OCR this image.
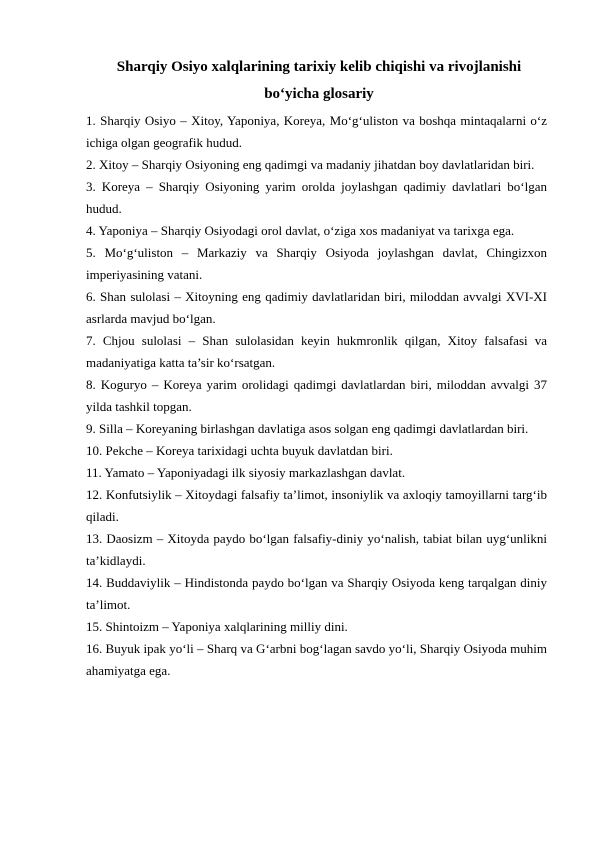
Sharqiy Osiyo xalqlarining tarixiy kelib chiqishi va rivojlanishi
bo‘yicha glosariy
1. Sharqiy Osiyo – Xitoy, Yaponiya, Koreya, Mo‘g‘uliston va boshqa mintaqalarni o‘z ichiga olgan geografik hudud.
2. Xitoy – Sharqiy Osiyoning eng qadimgi va madaniy jihatdan boy davlatlaridan biri.
3. Koreya – Sharqiy Osiyoning yarim orolda joylashgan qadimiy davlatlari bo‘lgan hudud.
4. Yaponiya – Sharqiy Osiyodagi orol davlat, o‘ziga xos madaniyat va tarixga ega.
5. Mo‘g‘uliston – Markaziy va Sharqiy Osiyoda joylashgan davlat, Chingizxon imperiyasining vatani.
6. Shan sulolasi – Xitoyning eng qadimiy davlatlaridan biri, miloddan avvalgi XVI-XI asrlarda mavjud bo‘lgan.
7. Chjou sulolasi – Shan sulolasidan keyin hukmronlik qilgan, Xitoy falsafasi va madaniyatiga katta ta’sir ko‘rsatgan.
8. Koguryo – Koreya yarim orolidagi qadimgi davlatlardan biri, miloddan avvalgi 37 yilda tashkil topgan.
9. Silla – Koreyaning birlashgan davlatiga asos solgan eng qadimgi davlatlardan biri.
10. Pekche – Koreya tarixidagi uchta buyuk davlatdan biri.
11. Yamato – Yaponiyadagi ilk siyosiy markazlashgan davlat.
12. Konfutsiylik – Xitoydagi falsafiy ta’limot, insoniylik va axloqiy tamoyillarni targ‘ib qiladi.
13. Daosizm – Xitoyda paydo bo‘lgan falsafiy-diniy yo‘nalish, tabiat bilan uyg‘unlikni ta’kidlaydi.
14. Buddaviylik – Hindistonda paydo bo‘lgan va Sharqiy Osiyoda keng tarqalgan diniy ta’limot.
15. Shintoizm – Yaponiya xalqlarining milliy dini.
16. Buyuk ipak yo‘li – Sharq va G‘arbni bog‘lagan savdo yo‘li, Sharqiy Osiyoda muhim ahamiyatga ega.
